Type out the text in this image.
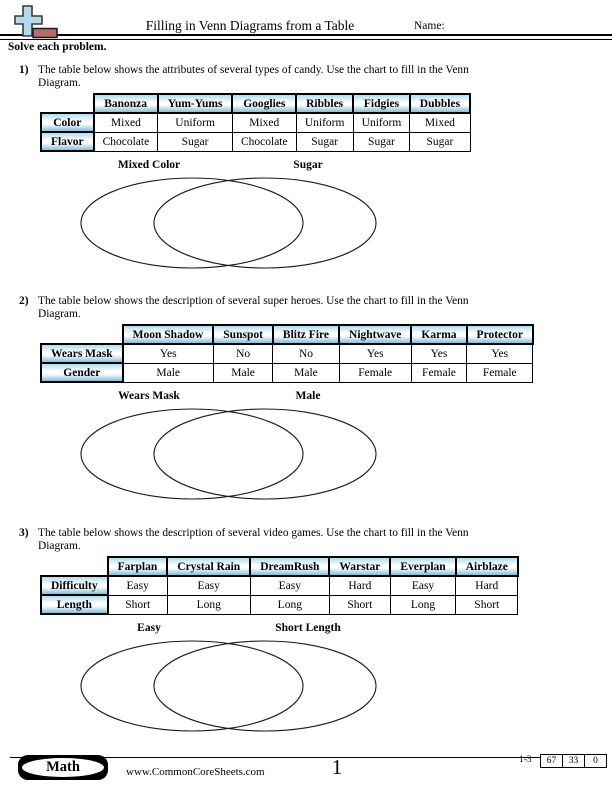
Filling in Venn Diagrams from a Table	Name:
Solve each problem.
1) The table below shows the attributes of several types of candy. Use the chart to fill in the Venn Diagram.
	Banonza	Yum-Yums	Googlies	Ribbles	Fidgies	Dubbles
Color	Mixed	Uniform	Mixed	Uniform	Uniform	Mixed
Flavor	Chocolate	Sugar	Chocolate	Sugar	Sugar	Sugar
Mixed Color	Sugar
2) The table below shows the description of several super heroes. Use the chart to fill in the Venn Diagram.
	Moon Shadow	Sunspot	Blitz Fire	Nightwave	Karma	Protector
Wears Mask	Yes	No	No	Yes	Yes	Yes
Gender	Male	Male	Male	Female	Female	Female
Wears Mask	Male
3) The table below shows the description of several video games. Use the chart to fill in the Venn Diagram.
	Farplan	Crystal Rain	DreamRush	Warstar	Everplan	Airblaze
Difficulty	Easy	Easy	Easy	Hard	Easy	Hard
Length	Short	Long	Long	Short	Long	Short
Easy	Short Length
Math	www.CommonCoreSheets.com	1	1-3 67	33	0
